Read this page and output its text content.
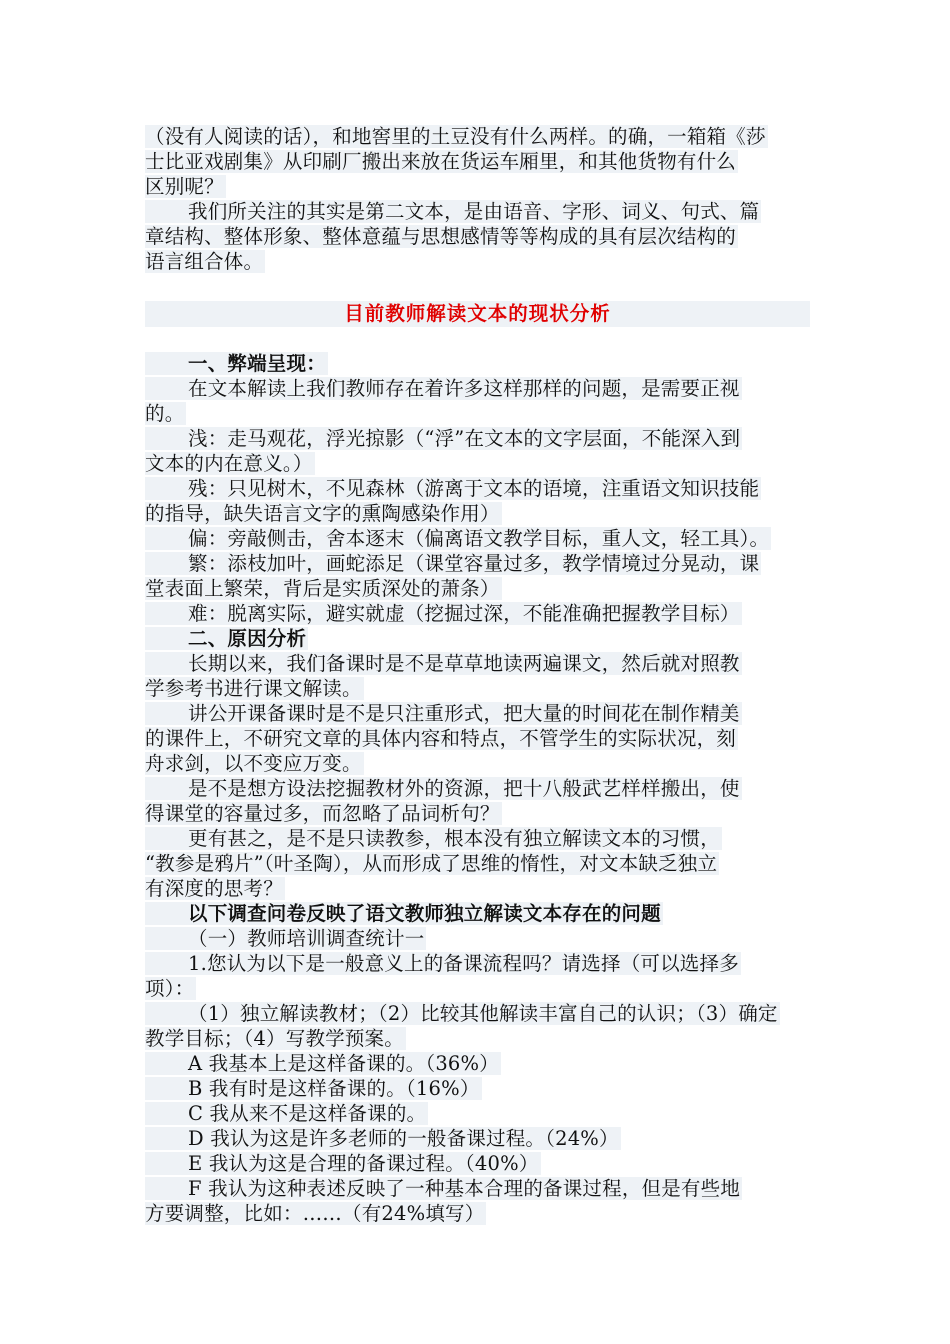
（没有人阅读的话），和地窖里的土豆没有什么两样。的确，一箱箱《莎
士比亚戏剧集》从印刷厂搬出来放在货运车厢里，和其他货物有什么
区别呢？
我们所关注的其实是第二文本，是由语音、字形、词义、句式、篇
章结构、整体形象、整体意蕴与思想感情等等构成的具有层次结构的
语言组合体。
目前教师解读文本的现状分析
一、弊端呈现：
在文本解读上我们教师存在着许多这样那样的问题，是需要正视
的。
浅：走马观花，浮光掠影（“浮”在文本的文字层面，不能深入到
文本的内在意义。）
残：只见树木，不见森林（游离于文本的语境，注重语文知识技能
的指导，缺失语言文字的熏陶感染作用）
偏：旁敲侧击，舍本逐末（偏离语文教学目标，重人文，轻工具）。
繁：添枝加叶，画蛇添足（课堂容量过多，教学情境过分晃动，课
堂表面上繁荣，背后是实质深处的萧条）
难：脱离实际，避实就虚（挖掘过深，不能准确把握教学目标）
二、原因分析
长期以来，我们备课时是不是草草地读两遍课文，然后就对照教
学参考书进行课文解读。
讲公开课备课时是不是只注重形式，把大量的时间花在制作精美
的课件上，不研究文章的具体内容和特点，不管学生的实际状况，刻
舟求剑，以不变应万变。
是不是想方设法挖掘教材外的资源，把十八般武艺样样搬出，使
得课堂的容量过多，而忽略了品词析句？
更有甚之，是不是只读教参，根本没有独立解读文本的习惯，
“教参是鸦片”（叶圣陶），从而形成了思维的惰性，对文本缺乏独立
有深度的思考？
以下调查问卷反映了语文教师独立解读文本存在的问题
（一）教师培训调查统计一
1.您认为以下是一般意义上的备课流程吗？请选择（可以选择多
项）：
（1）独立解读教材；（2）比较其他解读丰富自己的认识；（3）确定
教学目标；（4）写教学预案。
A 我基本上是这样备课的。（36%）
B 我有时是这样备课的。（16%）
C 我从来不是这样备课的。
D 我认为这是许多老师的一般备课过程。（24%）
E 我认为这是合理的备课过程。（40%）
F 我认为这种表述反映了一种基本合理的备课过程，但是有些地
方要调整，比如：……（有24%填写）
